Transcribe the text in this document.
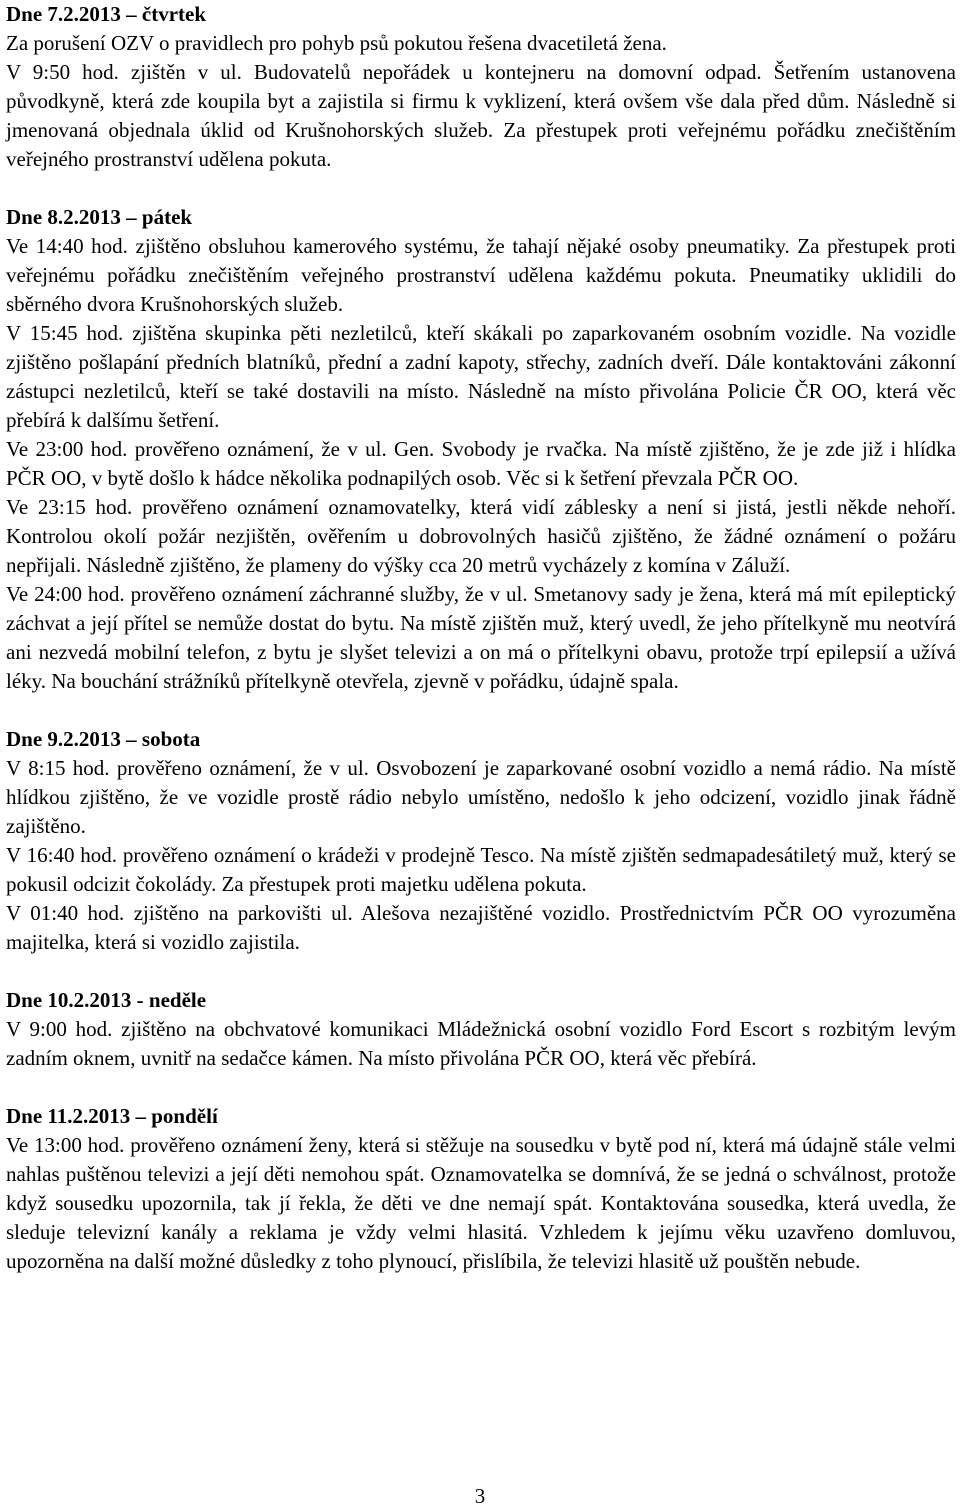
Dne 7.2.2013 – čtvrtek

Za porušení OZV o pravidlech pro pohyb psů pokutou řešena dvacetiletá žena.

V 9:50 hod. zjištěn v ul. Budovatelů nepořádek u kontejneru na domovní odpad. Šetřením ustanovena původkyně, která zde koupila byt a zajistila si firmu k vyklizení, která ovšem vše dala před dům. Následně si jmenovaná objednala úklid od Krušnohorských služeb. Za přestupek proti veřejnému pořádku znečištěním veřejného prostranství udělena pokuta.

Dne 8.2.2013 – pátek

Ve 14:40 hod. zjištěno obsluhou kamerového systému, že tahají nějaké osoby pneumatiky. Za přestupek proti veřejnému pořádku znečištěním veřejného prostranství udělena každému pokuta. Pneumatiky uklidili do sběrného dvora Krušnohorských služeb.

V 15:45 hod. zjištěna skupinka pěti nezletilců, kteří skákali po zaparkovaném osobním vozidle. Na vozidle zjištěno pošlapání předních blatníků, přední a zadní kapoty, střechy, zadních dveří. Dále kontaktováni zákonní zástupci nezletilců, kteří se také dostavili na místo. Následně na místo přivolána Policie ČR OO, která věc přebírá k dalšímu šetření.

Ve 23:00 hod. prověřeno oznámení, že v ul. Gen. Svobody je rvačka. Na místě zjištěno, že je zde již i hlídka PČR OO, v bytě došlo k hádce několika podnapilých osob. Věc si k šetření převzala PČR OO.

Ve 23:15 hod. prověřeno oznámení oznamovatelky, která vidí záblesky a není si jistá, jestli někde nehoří. Kontrolou okolí požár nezjištěn, ověřením u dobrovolných hasičů zjištěno, že žádné oznámení o požáru nepřijali. Následně zjištěno, že plameny do výšky cca 20 metrů vycházely z komína v Záluží.

Ve 24:00 hod. prověřeno oznámení záchranné služby, že v ul. Smetanovy sady je žena, která má mít epileptický záchvat a její přítel se nemůže dostat do bytu. Na místě zjištěn muž, který uvedl, že jeho přítelkyně mu neotvírá ani nezvedá mobilní telefon, z bytu je slyšet televizi a on má o přítelkyni obavu, protože trpí epilepsií a užívá léky. Na bouchání strážníků přítelkyně otevřela, zjevně v pořádku, údajně spala.

Dne 9.2.2013 – sobota

V 8:15 hod. prověřeno oznámení, že v ul. Osvobození je zaparkované osobní vozidlo a nemá rádio. Na místě hlídkou zjištěno, že ve vozidle prostě rádio nebylo umístěno, nedošlo k jeho odcizení, vozidlo jinak řádně zajištěno.

V 16:40 hod. prověřeno oznámení o krádeži v prodejně Tesco. Na místě zjištěn sedmapadesátiletý muž, který se pokusil odcizit čokolády. Za přestupek proti majetku udělena pokuta.

V 01:40 hod. zjištěno na parkovišti ul. Alešova nezajištěné vozidlo. Prostřednictvím PČR OO vyrozuměna majitelka, která si vozidlo zajistila.

Dne 10.2.2013 - neděle

V 9:00 hod. zjištěno na obchvatové komunikaci Mládežnická osobní vozidlo Ford Escort s rozbitým levým zadním oknem, uvnitř na sedačce kámen. Na místo přivolána PČR OO, která věc přebírá.

Dne 11.2.2013 – pondělí

Ve 13:00 hod. prověřeno oznámení ženy, která si stěžuje na sousedku v bytě pod ní, která má údajně stále velmi nahlas puštěnou televizi a její děti nemohou spát. Oznamovatelka se domnívá, že se jedná o schválnost, protože když sousedku upozornila, tak jí řekla, že děti ve dne nemají spát. Kontaktována sousedka, která uvedla, že sleduje televizní kanály a reklama je vždy velmi hlasitá. Vzhledem k jejímu věku uzavřeno domluvou, upozorněna na další možné důsledky z toho plynoucí, přislíbila, že televizi hlasitě už pouštěn nebude.

3
